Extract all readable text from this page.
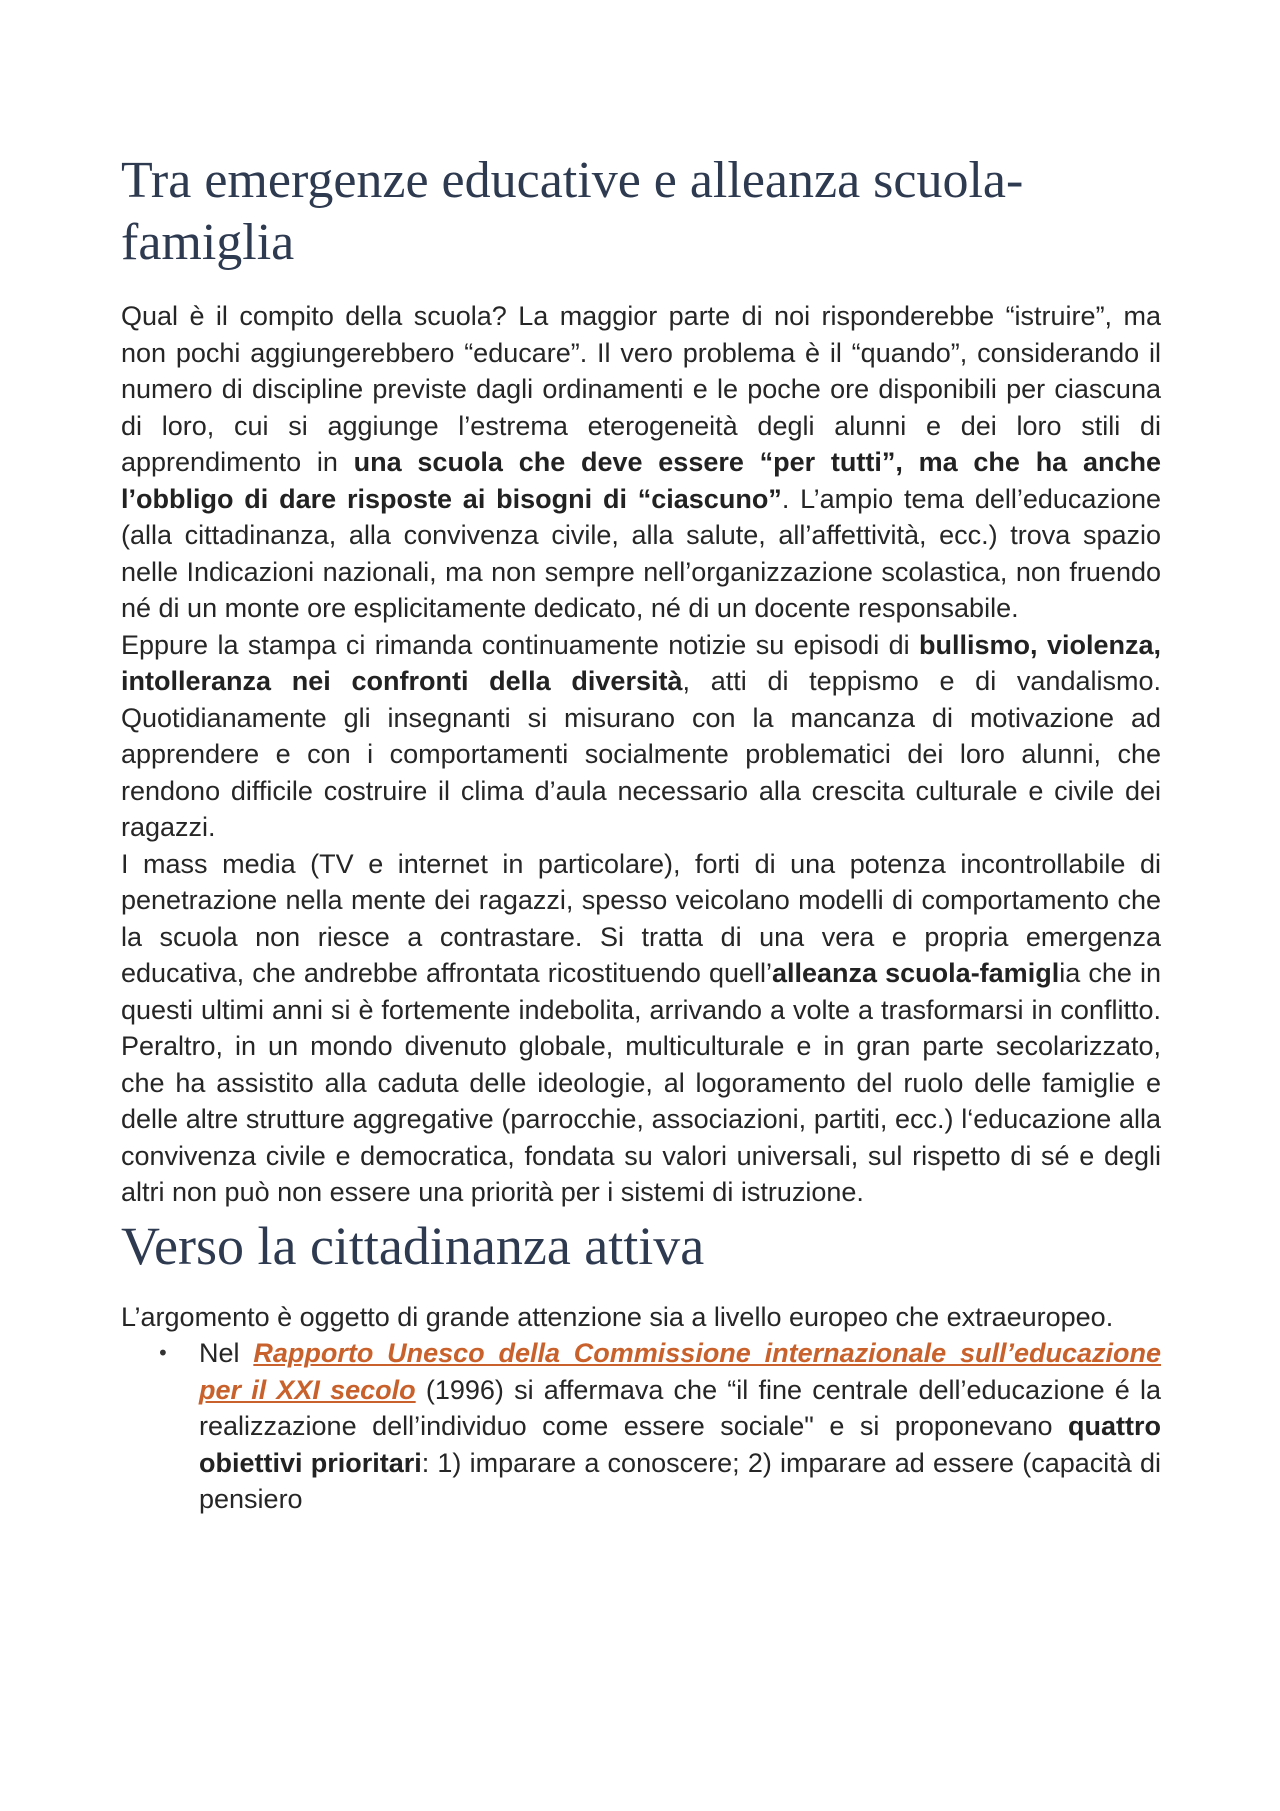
Tra emergenze educative e alleanza scuola-famiglia

Qual è il compito della scuola? La maggior parte di noi risponderebbe “istruire”, ma non pochi aggiungerebbero “educare”. Il vero problema è il “quando”, considerando il numero di discipline previste dagli ordinamenti e le poche ore disponibili per ciascuna di loro, cui si aggiunge l’estrema eterogeneità degli alunni e dei loro stili di apprendimento in una scuola che deve essere “per tutti”, ma che ha anche l’obbligo di dare risposte ai bisogni di “ciascuno”. L’ampio tema dell’educazione (alla cittadinanza, alla convivenza civile, alla salute, all’affettività, ecc.) trova spazio nelle Indicazioni nazionali, ma non sempre nell’organizzazione scolastica, non fruendo né di un monte ore esplicitamente dedicato, né di un docente responsabile.

Eppure la stampa ci rimanda continuamente notizie su episodi di bullismo, violenza, intolleranza nei confronti della diversità, atti di teppismo e di vandalismo. Quotidianamente gli insegnanti si misurano con la mancanza di motivazione ad apprendere e con i comportamenti socialmente problematici dei loro alunni, che rendono difficile costruire il clima d’aula necessario alla crescita culturale e civile dei ragazzi.

I mass media (TV e internet in particolare), forti di una potenza incontrollabile di penetrazione nella mente dei ragazzi, spesso veicolano modelli di comportamento che la scuola non riesce a contrastare. Si tratta di una vera e propria emergenza educativa, che andrebbe affrontata ricostituendo quell’alleanza scuola-famiglia che in questi ultimi anni si è fortemente indebolita, arrivando a volte a trasformarsi in conflitto. Peraltro, in un mondo divenuto globale, multiculturale e in gran parte secolarizzato, che ha assistito alla caduta delle ideologie, al logoramento del ruolo delle famiglie e delle altre strutture aggregative (parrocchie, associazioni, partiti, ecc.) l‘educazione alla convivenza civile e democratica, fondata su valori universali, sul rispetto di sé e degli altri non può non essere una priorità per i sistemi di istruzione.

Verso la cittadinanza attiva

L’argomento è oggetto di grande attenzione sia a livello europeo che extraeuropeo.

• Nel Rapporto Unesco della Commissione internazionale sull’educazione per il XXI secolo (1996) si affermava che “il fine centrale dell’educazione é la realizzazione dell’individuo come essere sociale" e si proponevano quattro obiettivi prioritari: 1) imparare a conoscere; 2) imparare ad essere (capacità di pensiero
